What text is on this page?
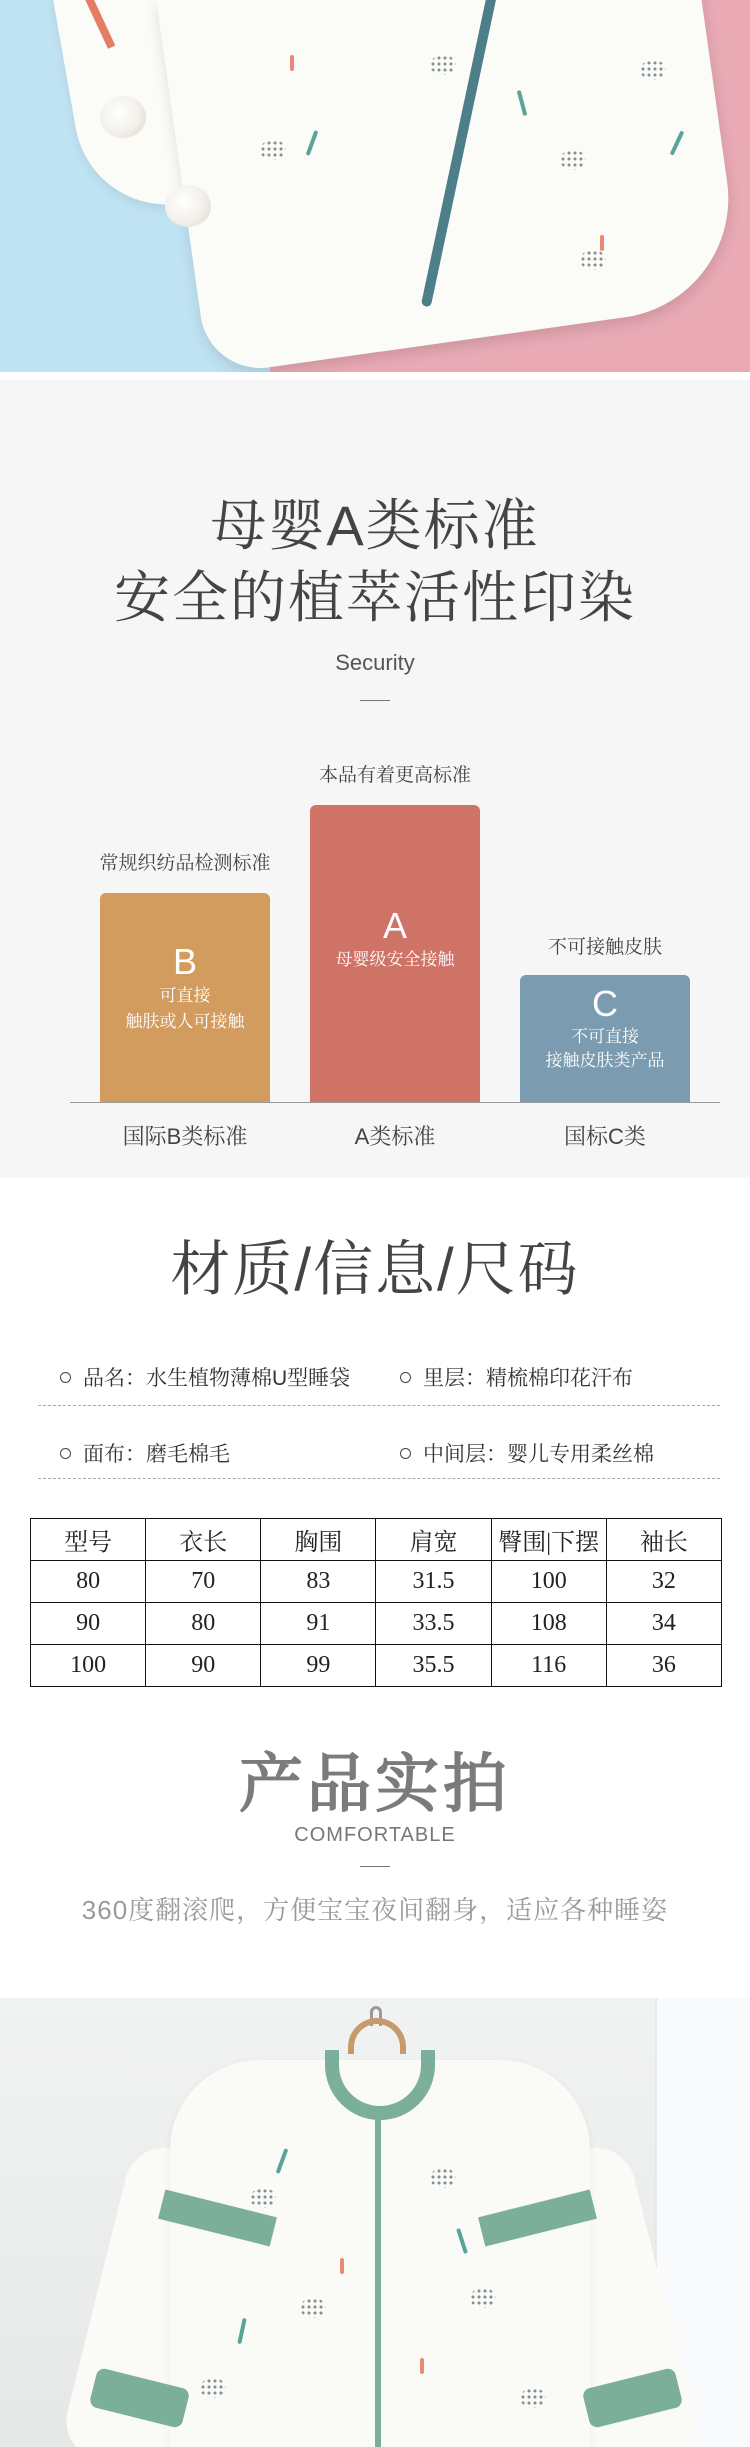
母婴A类标准
安全的植萃活性印染
Security
常规织纺品检测标准
本品有着更高标准
不可接触皮肤
B
可直接
触肤或人可接触
A
母婴级安全接触
C
不可直接
接触皮肤类产品
国际B类标准	A类标准	国标C类
材质/信息/尺码
品名：水生植物薄棉U型睡袋	里层：精梳棉印花汗布
面布：磨毛棉毛	中间层：婴儿专用柔丝棉
型号	衣长	胸围	肩宽	臀围|下摆	袖长
80	70	83	31.5	100	32
90	80	91	33.5	108	34
100	90	99	35.5	116	36
产品实拍
COMFORTABLE
360度翻滚爬，方便宝宝夜间翻身，适应各种睡姿
